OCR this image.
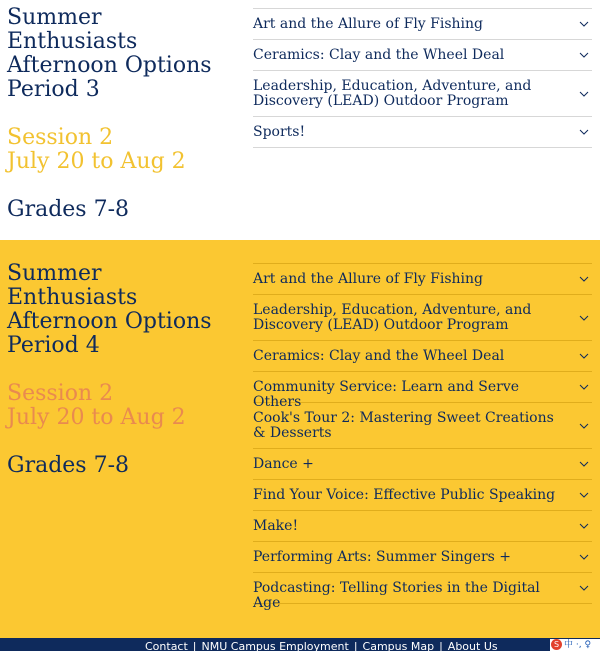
Summer Enthusiasts
Afternoon Options
Period 3
Session 2
July 20 to Aug 2
Grades 7-8
Art and the Allure of Fly Fishing
Ceramics: Clay and the Wheel Deal
Leadership, Education, Adventure, and Discovery (LEAD) Outdoor Program
Sports!
Summer Enthusiasts
Afternoon Options
Period 4
Session 2
July 20 to Aug 2
Grades 7-8
Art and the Allure of Fly Fishing
Leadership, Education, Adventure, and Discovery (LEAD) Outdoor Program
Ceramics: Clay and the Wheel Deal
Community Service: Learn and Serve Others
Cook's Tour 2: Mastering Sweet Creations & Desserts
Dance +
Find Your Voice: Effective Public Speaking
Make!
Performing Arts: Summer Singers +
Podcasting: Telling Stories in the Digital Age
Contact | NMU Campus Employment | Campus Map | About Us	S 中 ·, ♀
